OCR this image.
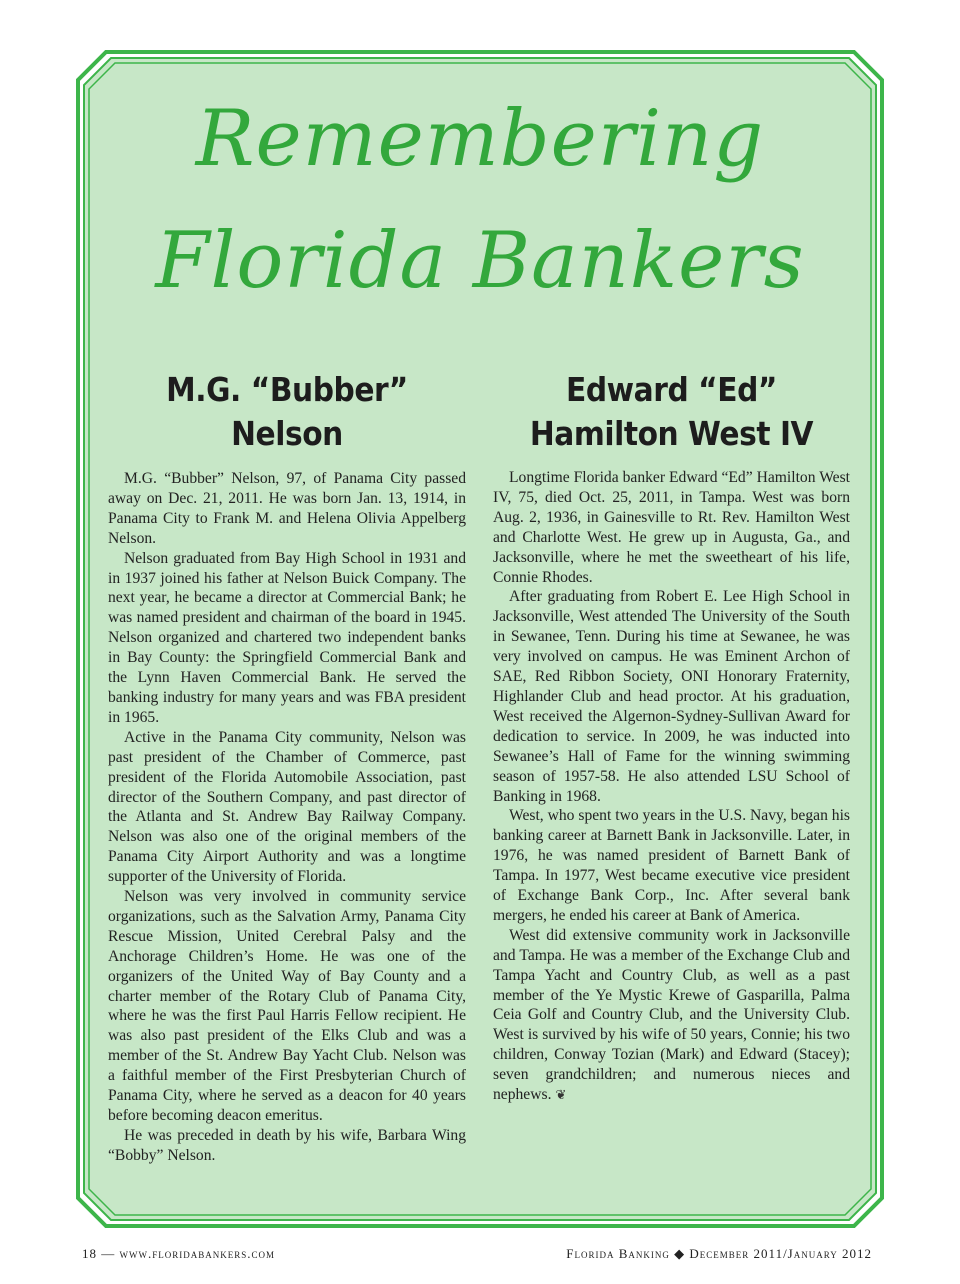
Remembering
Florida Bankers
M.G. “Bubber” Nelson

M.G. “Bubber” Nelson, 97, of Panama City passed away on Dec. 21, 2011. He was born Jan. 13, 1914, in Panama City to Frank M. and Helena Olivia Appelberg Nelson.

Nelson graduated from Bay High School in 1931 and in 1937 joined his father at Nelson Buick Company. The next year, he became a director at Commercial Bank; he was named president and chairman of the board in 1945. Nelson organized and chartered two independent banks in Bay County: the Springfield Commercial Bank and the Lynn Haven Commercial Bank. He served the banking industry for many years and was FBA president in 1965.

Active in the Panama City community, Nelson was past president of the Chamber of Commerce, past president of the Florida Automobile Association, past director of the Southern Company, and past director of the Atlanta and St. Andrew Bay Railway Company. Nelson was also one of the original members of the Panama City Airport Authority and was a longtime supporter of the University of Florida.

Nelson was very involved in community service organizations, such as the Salvation Army, Panama City Rescue Mission, United Cerebral Palsy and the Anchorage Children’s Home. He was one of the organizers of the United Way of Bay County and a charter member of the Rotary Club of Panama City, where he was the first Paul Harris Fellow recipient. He was also past president of the Elks Club and was a member of the St. Andrew Bay Yacht Club. Nelson was a faithful member of the First Presbyterian Church of Panama City, where he served as a deacon for 40 years before becoming deacon emeritus.

He was preceded in death by his wife, Barbara Wing “Bobby” Nelson.

Edward “Ed” Hamilton West IV

Longtime Florida banker Edward “Ed” Hamilton West IV, 75, died Oct. 25, 2011, in Tampa. West was born Aug. 2, 1936, in Gainesville to Rt. Rev. Hamilton West and Charlotte West. He grew up in Augusta, Ga., and Jacksonville, where he met the sweetheart of his life, Connie Rhodes.

After graduating from Robert E. Lee High School in Jacksonville, West attended The University of the South in Sewanee, Tenn. During his time at Sewanee, he was very involved on campus. He was Eminent Archon of SAE, Red Ribbon Society, ONI Honorary Fraternity, Highlander Club and head proctor. At his graduation, West received the Algernon-Sydney-Sullivan Award for dedication to service. In 2009, he was inducted into Sewanee’s Hall of Fame for the winning swimming season of 1957-58. He also attended LSU School of Banking in 1968.

West, who spent two years in the U.S. Navy, began his banking career at Barnett Bank in Jacksonville. Later, in 1976, he was named president of Barnett Bank of Tampa. In 1977, West became executive vice president of Exchange Bank Corp., Inc. After several bank mergers, he ended his career at Bank of America.

West did extensive community work in Jacksonville and Tampa. He was a member of the Exchange Club and Tampa Yacht and Country Club, as well as a past member of the Ye Mystic Krewe of Gasparilla, Palma Ceia Golf and Country Club, and the University Club. West is survived by his wife of 50 years, Connie; his two children, Conway Tozian (Mark) and Edward (Stacey); seven grandchildren; and numerous nieces and nephews. ❦

18 — www.floridabankers.com	Florida Banking ◆ December 2011/January 2012
